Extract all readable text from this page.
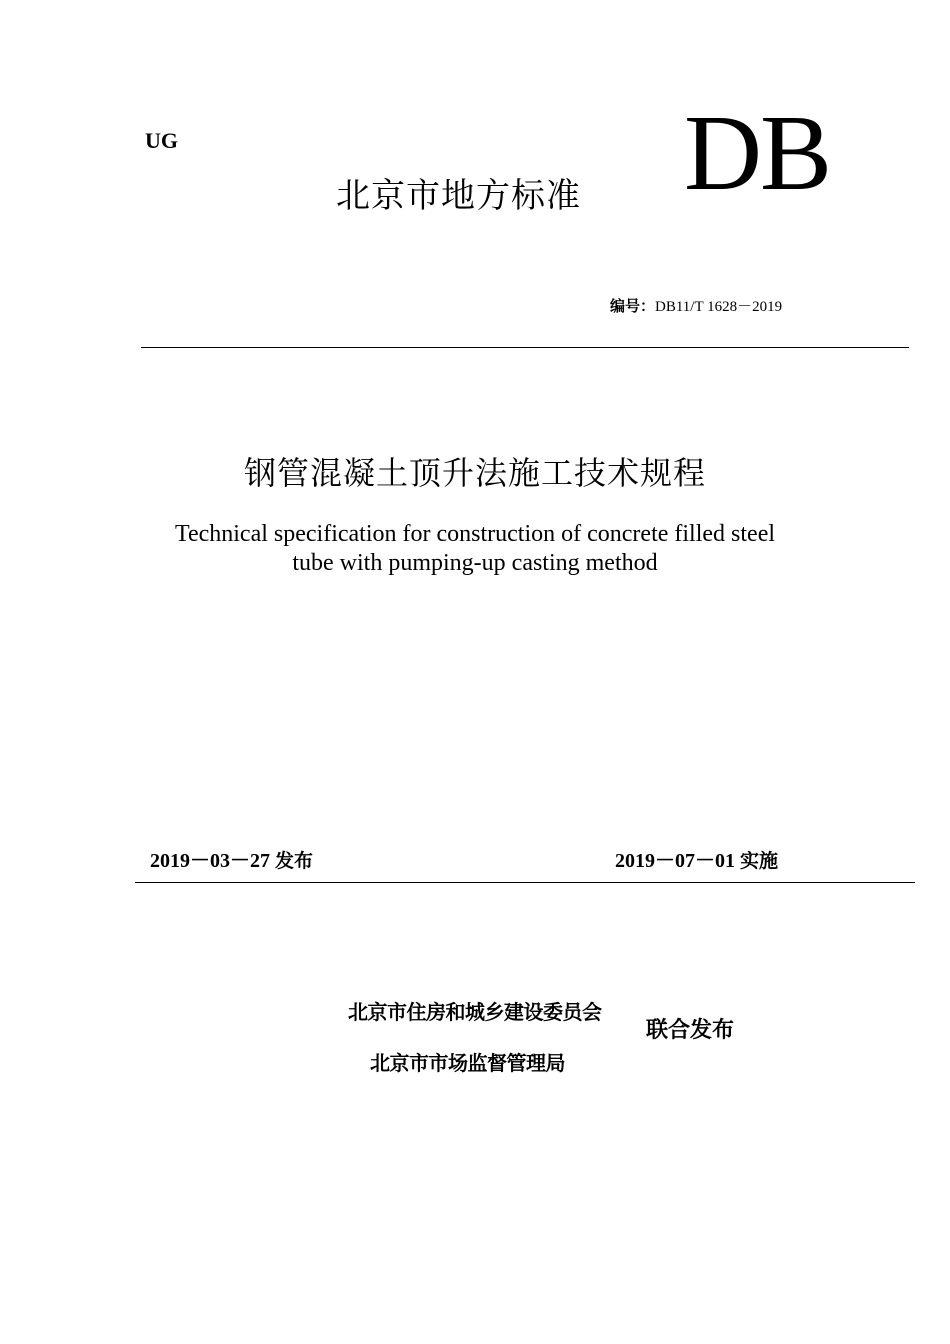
UG
北京市地方标准 DB
编号：DB11/T 1628－2019
钢管混凝土顶升法施工技术规程
Technical specification for construction of concrete filled steel
tube with pumping-up casting method
2019－03－27 发布	2019－07－01 实施
北京市住房和城乡建设委员会
北京市市场监督管理局
联合发布
